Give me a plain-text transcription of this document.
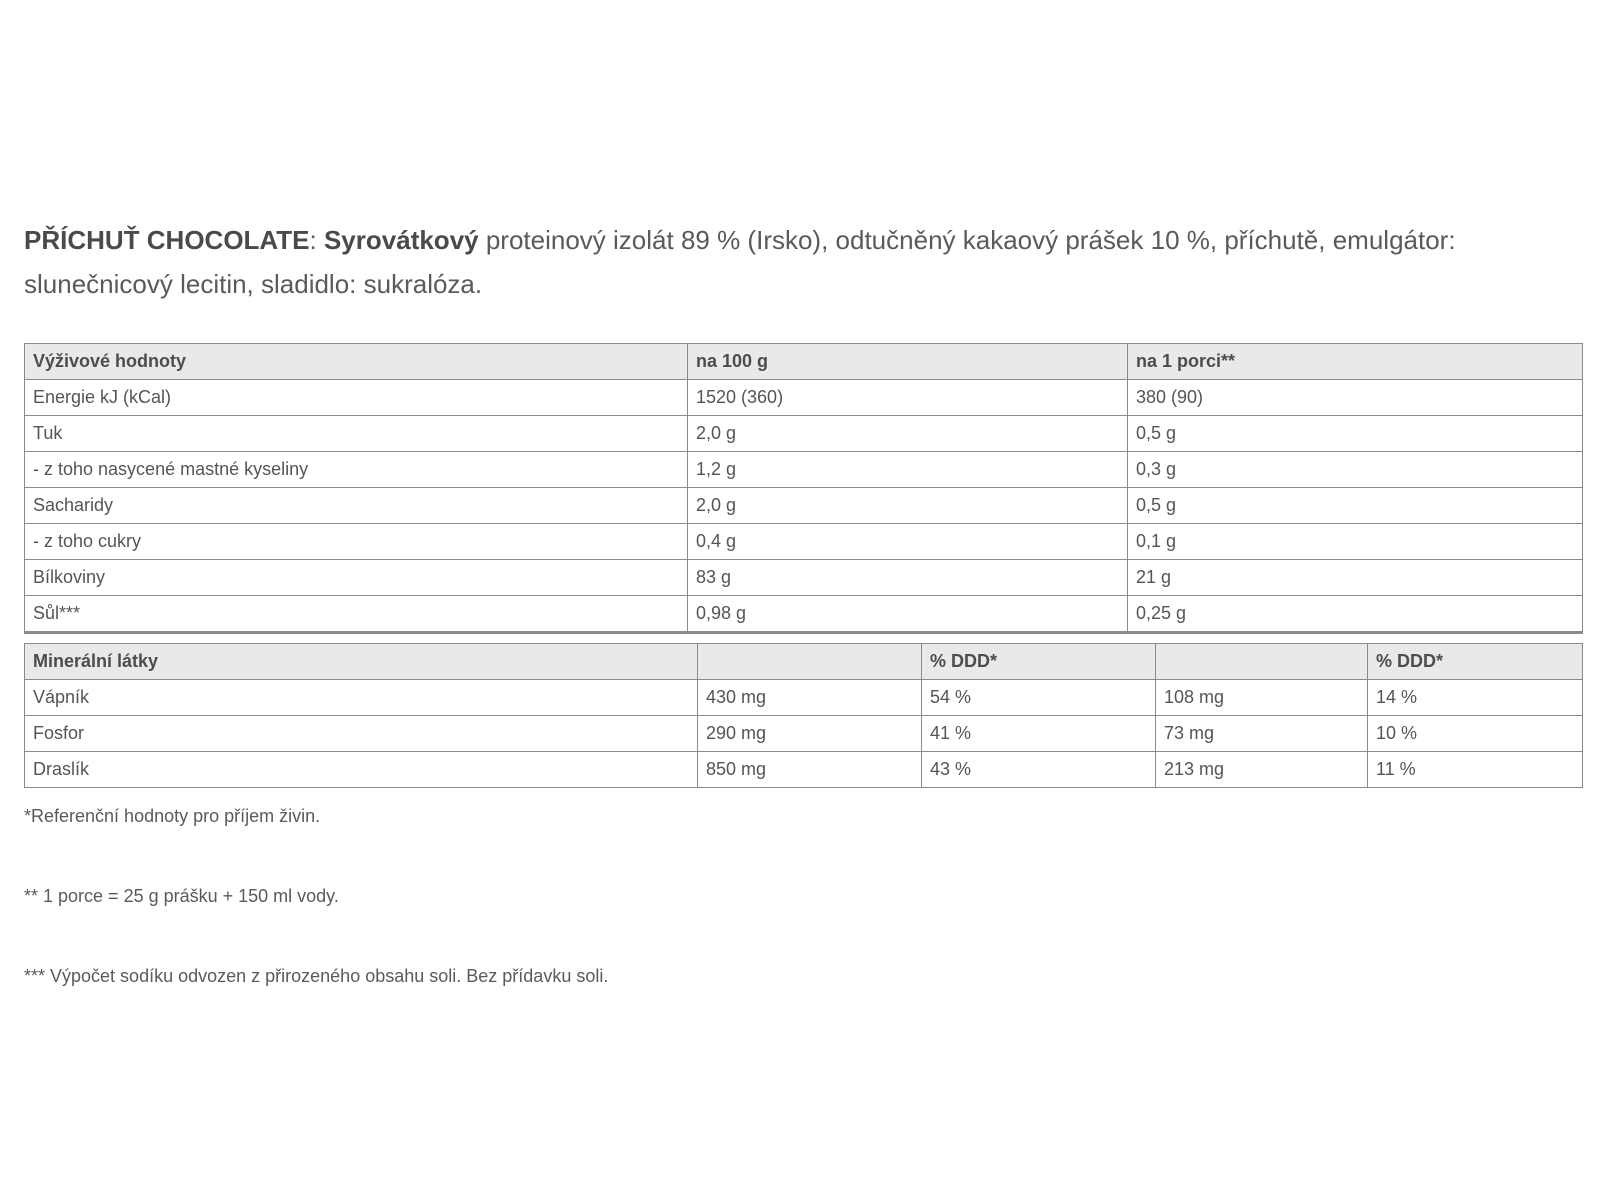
PŘÍCHUŤ CHOCOLATE: Syrovátkový proteinový izolát 89 % (Irsko), odtučněný kakaový prášek 10 %, příchutě, emulgátor: slunečnicový lecitin, sladidlo: sukralóza.

Výživové hodnoty	na 100 g	na 1 porci**
Energie kJ (kCal)	1520 (360)	380 (90)
Tuk	2,0 g	0,5 g
- z toho nasycené mastné kyseliny	1,2 g	0,3 g
Sacharidy	2,0 g	0,5 g
- z toho cukry	0,4 g	0,1 g
Bílkoviny	83 g	21 g
Sůl***	0,98 g	0,25 g
Minerální látky		% DDD*		% DDD*
Vápník	430 mg	54 %	108 mg	14 %
Fosfor	290 mg	41 %	73 mg	10 %
Draslík	850 mg	43 %	213 mg	11 %

*Referenční hodnoty pro příjem živin.

** 1 porce = 25 g prášku + 150 ml vody.

*** Výpočet sodíku odvozen z přirozeného obsahu soli. Bez přídavku soli.
